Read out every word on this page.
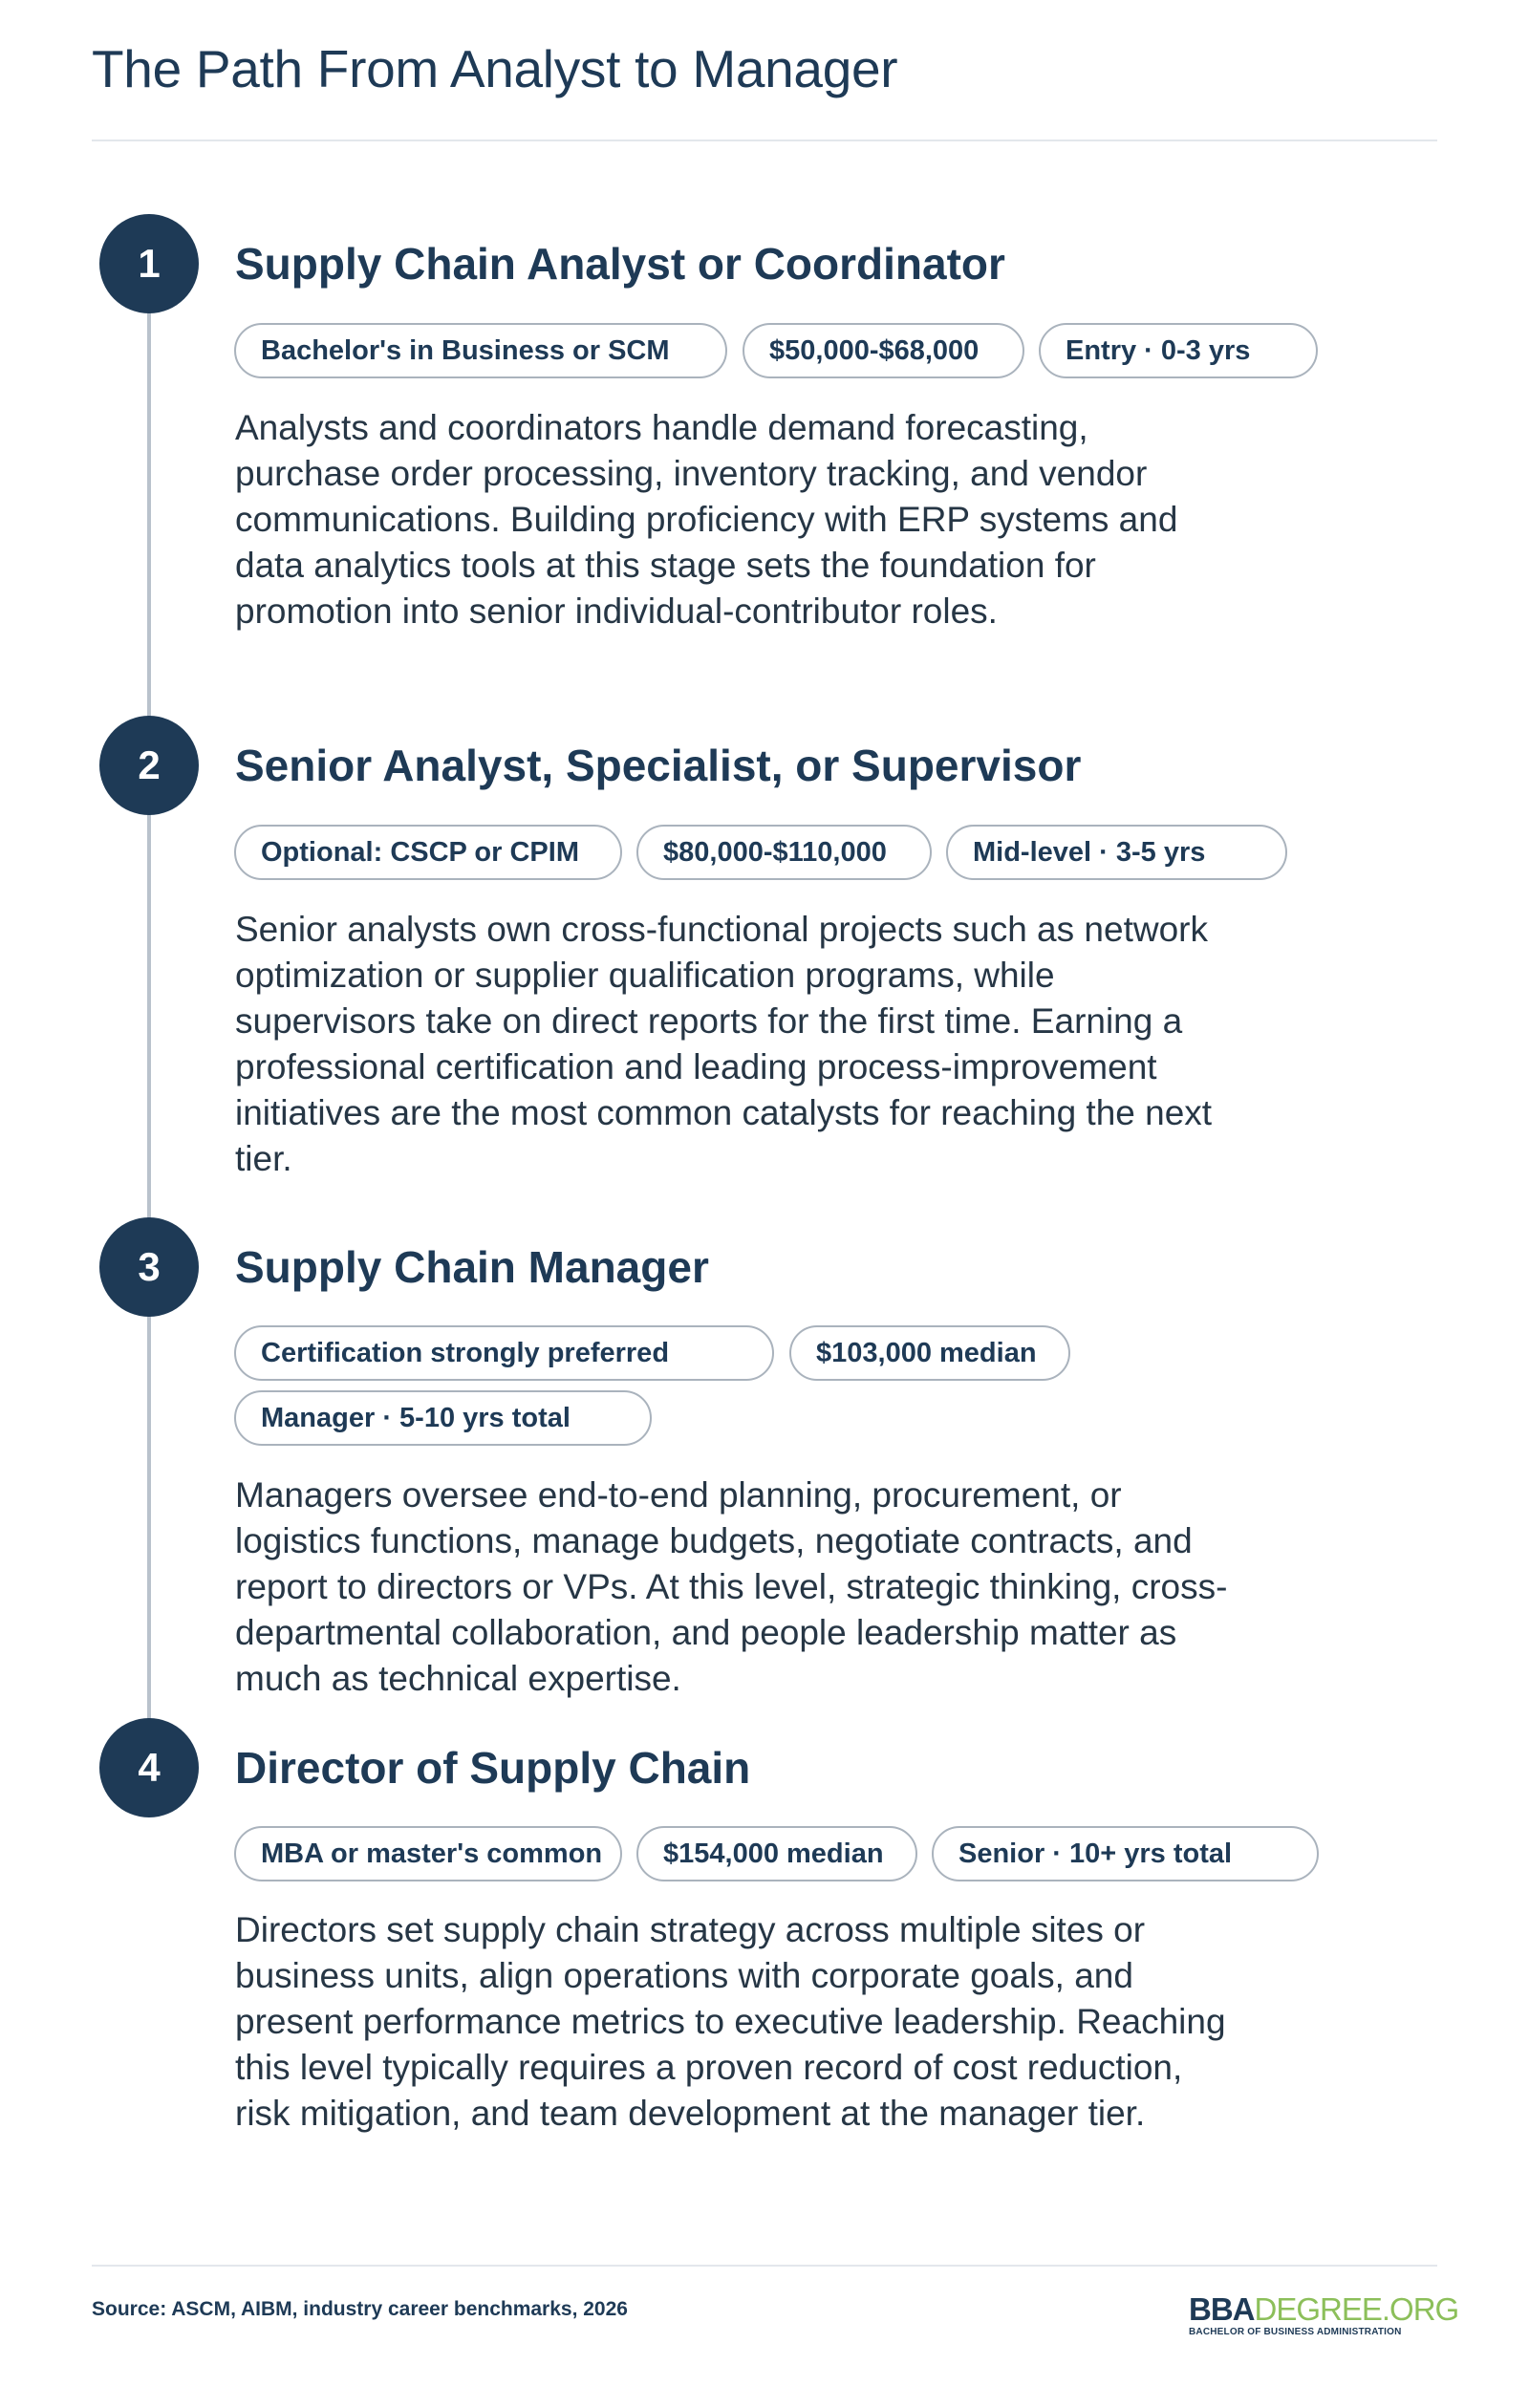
The Path From Analyst to Manager
1	Supply Chain Analyst or Coordinator
Bachelor's in Business or SCM	$50,000-$68,000	Entry · 0-3 yrs

Analysts and coordinators handle demand forecasting, purchase order processing, inventory tracking, and vendor communications. Building proficiency with ERP systems and data analytics tools at this stage sets the foundation for promotion into senior individual-contributor roles.

2	Senior Analyst, Specialist, or Supervisor
Optional: CSCP or CPIM	$80,000-$110,000	Mid-level · 3-5 yrs

Senior analysts own cross-functional projects such as network optimization or supplier qualification programs, while supervisors take on direct reports for the first time. Earning a professional certification and leading process-improvement initiatives are the most common catalysts for reaching the next tier.

3	Supply Chain Manager
Certification strongly preferred	$103,000 median
Manager · 5-10 yrs total

Managers oversee end-to-end planning, procurement, or logistics functions, manage budgets, negotiate contracts, and report to directors or VPs. At this level, strategic thinking, cross-departmental collaboration, and people leadership matter as much as technical expertise.

4	Director of Supply Chain
MBA or master's common	$154,000 median	Senior · 10+ yrs total

Directors set supply chain strategy across multiple sites or business units, align operations with corporate goals, and present performance metrics to executive leadership. Reaching this level typically requires a proven record of cost reduction, risk mitigation, and team development at the manager tier.

Source: ASCM, AIBM, industry career benchmarks, 2026	BBADEGREE.ORG
BACHELOR OF BUSINESS ADMINISTRATION
